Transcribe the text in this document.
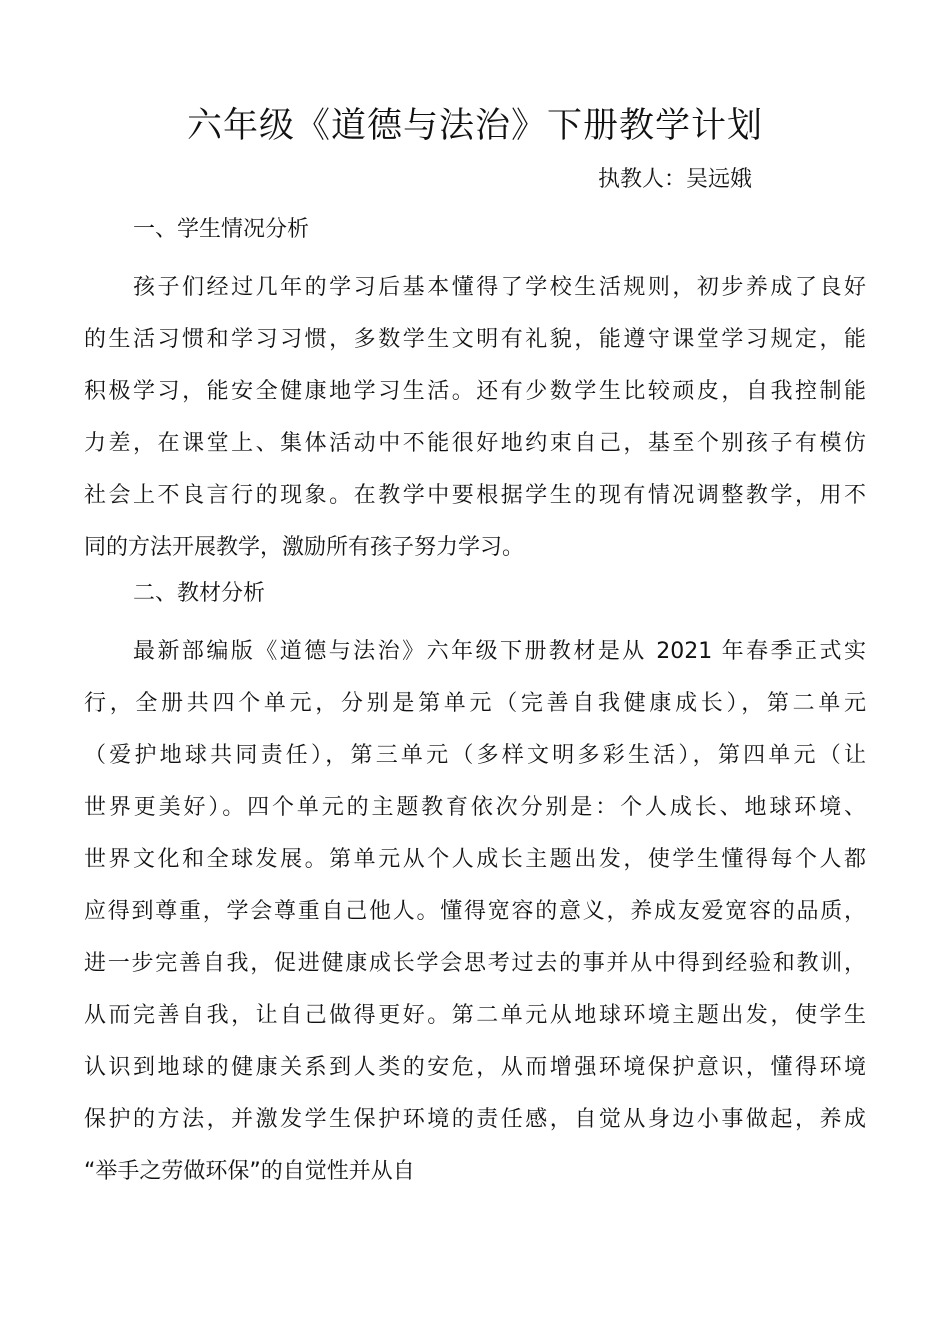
六年级《道德与法治》下册教学计划
执教人：吴远娥
一、学生情况分析
孩子们经过几年的学习后基本懂得了学校生活规则，初步养成了良好
的生活习惯和学习习惯，多数学生文明有礼貌，能遵守课堂学习规定，能
积极学习，能安全健康地学习生活。还有少数学生比较顽皮，自我控制能
力差，在课堂上、集体活动中不能很好地约束自己，基至个别孩子有模仿
社会上不良言行的现象。在教学中要根据学生的现有情况调整教学，用不
同的方法开展教学，激励所有孩子努力学习。
二、教材分析
最新部编版《道德与法治》六年级下册教材是从 2021 年春季正式实
行，全册共四个单元，分别是第单元（完善自我健康成长），第二单元
（爱护地球共同责任），第三单元（多样文明多彩生活），第四单元（让
世界更美好）。四个单元的主题教育依次分别是：个人成长、地球环境、
世界文化和全球发展。第单元从个人成长主题出发，使学生懂得每个人都
应得到尊重，学会尊重自己他人。懂得宽容的意义，养成友爱宽容的品质，
进一步完善自我，促进健康成长学会思考过去的事并从中得到经验和教训，
从而完善自我，让自己做得更好。第二单元从地球环境主题出发，使学生
认识到地球的健康关系到人类的安危，从而增强环境保护意识，懂得环境
保护的方法，并激发学生保护环境的责任感，自觉从身边小事做起，养成
“举手之劳做环保”的自觉性并从自
